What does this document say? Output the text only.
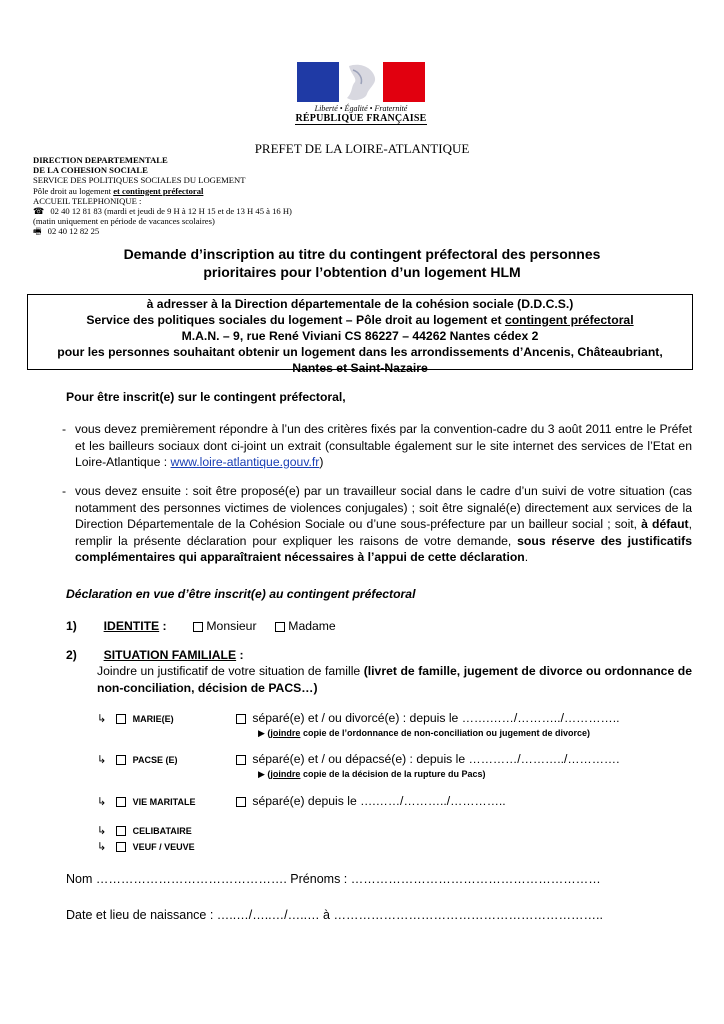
Liberté • Égalité • Fraternité
RÉPUBLIQUE FRANÇAISE
PREFET DE LA LOIRE-ATLANTIQUE
DIRECTION DEPARTEMENTALE
DE LA COHESION SOCIALE
SERVICE DES POLITIQUES SOCIALES DU LOGEMENT
Pôle droit au logement et contingent préfectoral
ACCUEIL TELEPHONIQUE :
☎ 02 40 12 81 83 (mardi et jeudi de 9 H à 12 H 15 et de 13 H 45 à 16 H)
(matin uniquement en période de vacances scolaires)
🖷 02 40 12 82 25
Demande d’inscription au titre du contingent préfectoral des personnes
prioritaires pour l’obtention d’un logement HLM
à adresser à la Direction départementale de la cohésion sociale (D.D.C.S.)
Service des politiques sociales du logement – Pôle droit au logement et contingent préfectoral
M.A.N. – 9, rue René Viviani CS 86227 – 44262 Nantes cédex 2
pour les personnes souhaitant obtenir un logement dans les arrondissements d’Ancenis, Châteaubriant,
Nantes et Saint-Nazaire
Pour être inscrit(e) sur le contingent préfectoral,
- vous devez premièrement répondre à l’un des critères fixés par la convention-cadre du 3 août 2011 entre le Préfet et les bailleurs sociaux dont ci-joint un extrait (consultable également sur le site internet des services de l’Etat en Loire-Atlantique : www.loire-atlantique.gouv.fr)
- vous devez ensuite : soit être proposé(e) par un travailleur social dans le cadre d’un suivi de votre situation (cas notamment des personnes victimes de violences conjugales) ; soit être signalé(e) directement aux services de la Direction Départementale de la Cohésion Sociale ou d’une sous-préfecture par un bailleur social ; soit, à défaut, remplir la présente déclaration pour expliquer les raisons de votre demande, sous réserve des justificatifs complémentaires qui apparaîtraient nécessaires à l’appui de cette déclaration.
Déclaration en vue d’être inscrit(e) au contingent préfectoral
1) IDENTITE :	Monsieur	Madame
2) SITUATION FAMILIALE :
Joindre un justificatif de votre situation de famille (livret de famille, jugement de divorce ou ordonnance de non-conciliation, décision de PACS…)
↳	MARIE(E)	séparé(e) et / ou divorcé(e) : depuis le …….……/………../…………..
▶ (joindre copie de l’ordonnance de non-conciliation ou jugement de divorce)
↳	PACSE (E)	séparé(e) et / ou dépacsé(e) : depuis le …………/………../………….
▶ (joindre copie de la décision de la rupture du Pacs)
↳	VIE MARITALE	séparé(e) depuis le ….……/………../…………..
↳	CELIBATAIRE
↳	VEUF / VEUVE
Nom ………………………………………. Prénoms : ……………………………………………………
Date et lieu de naissance : …..…/…..…/…..… à ………………………………………………………..
